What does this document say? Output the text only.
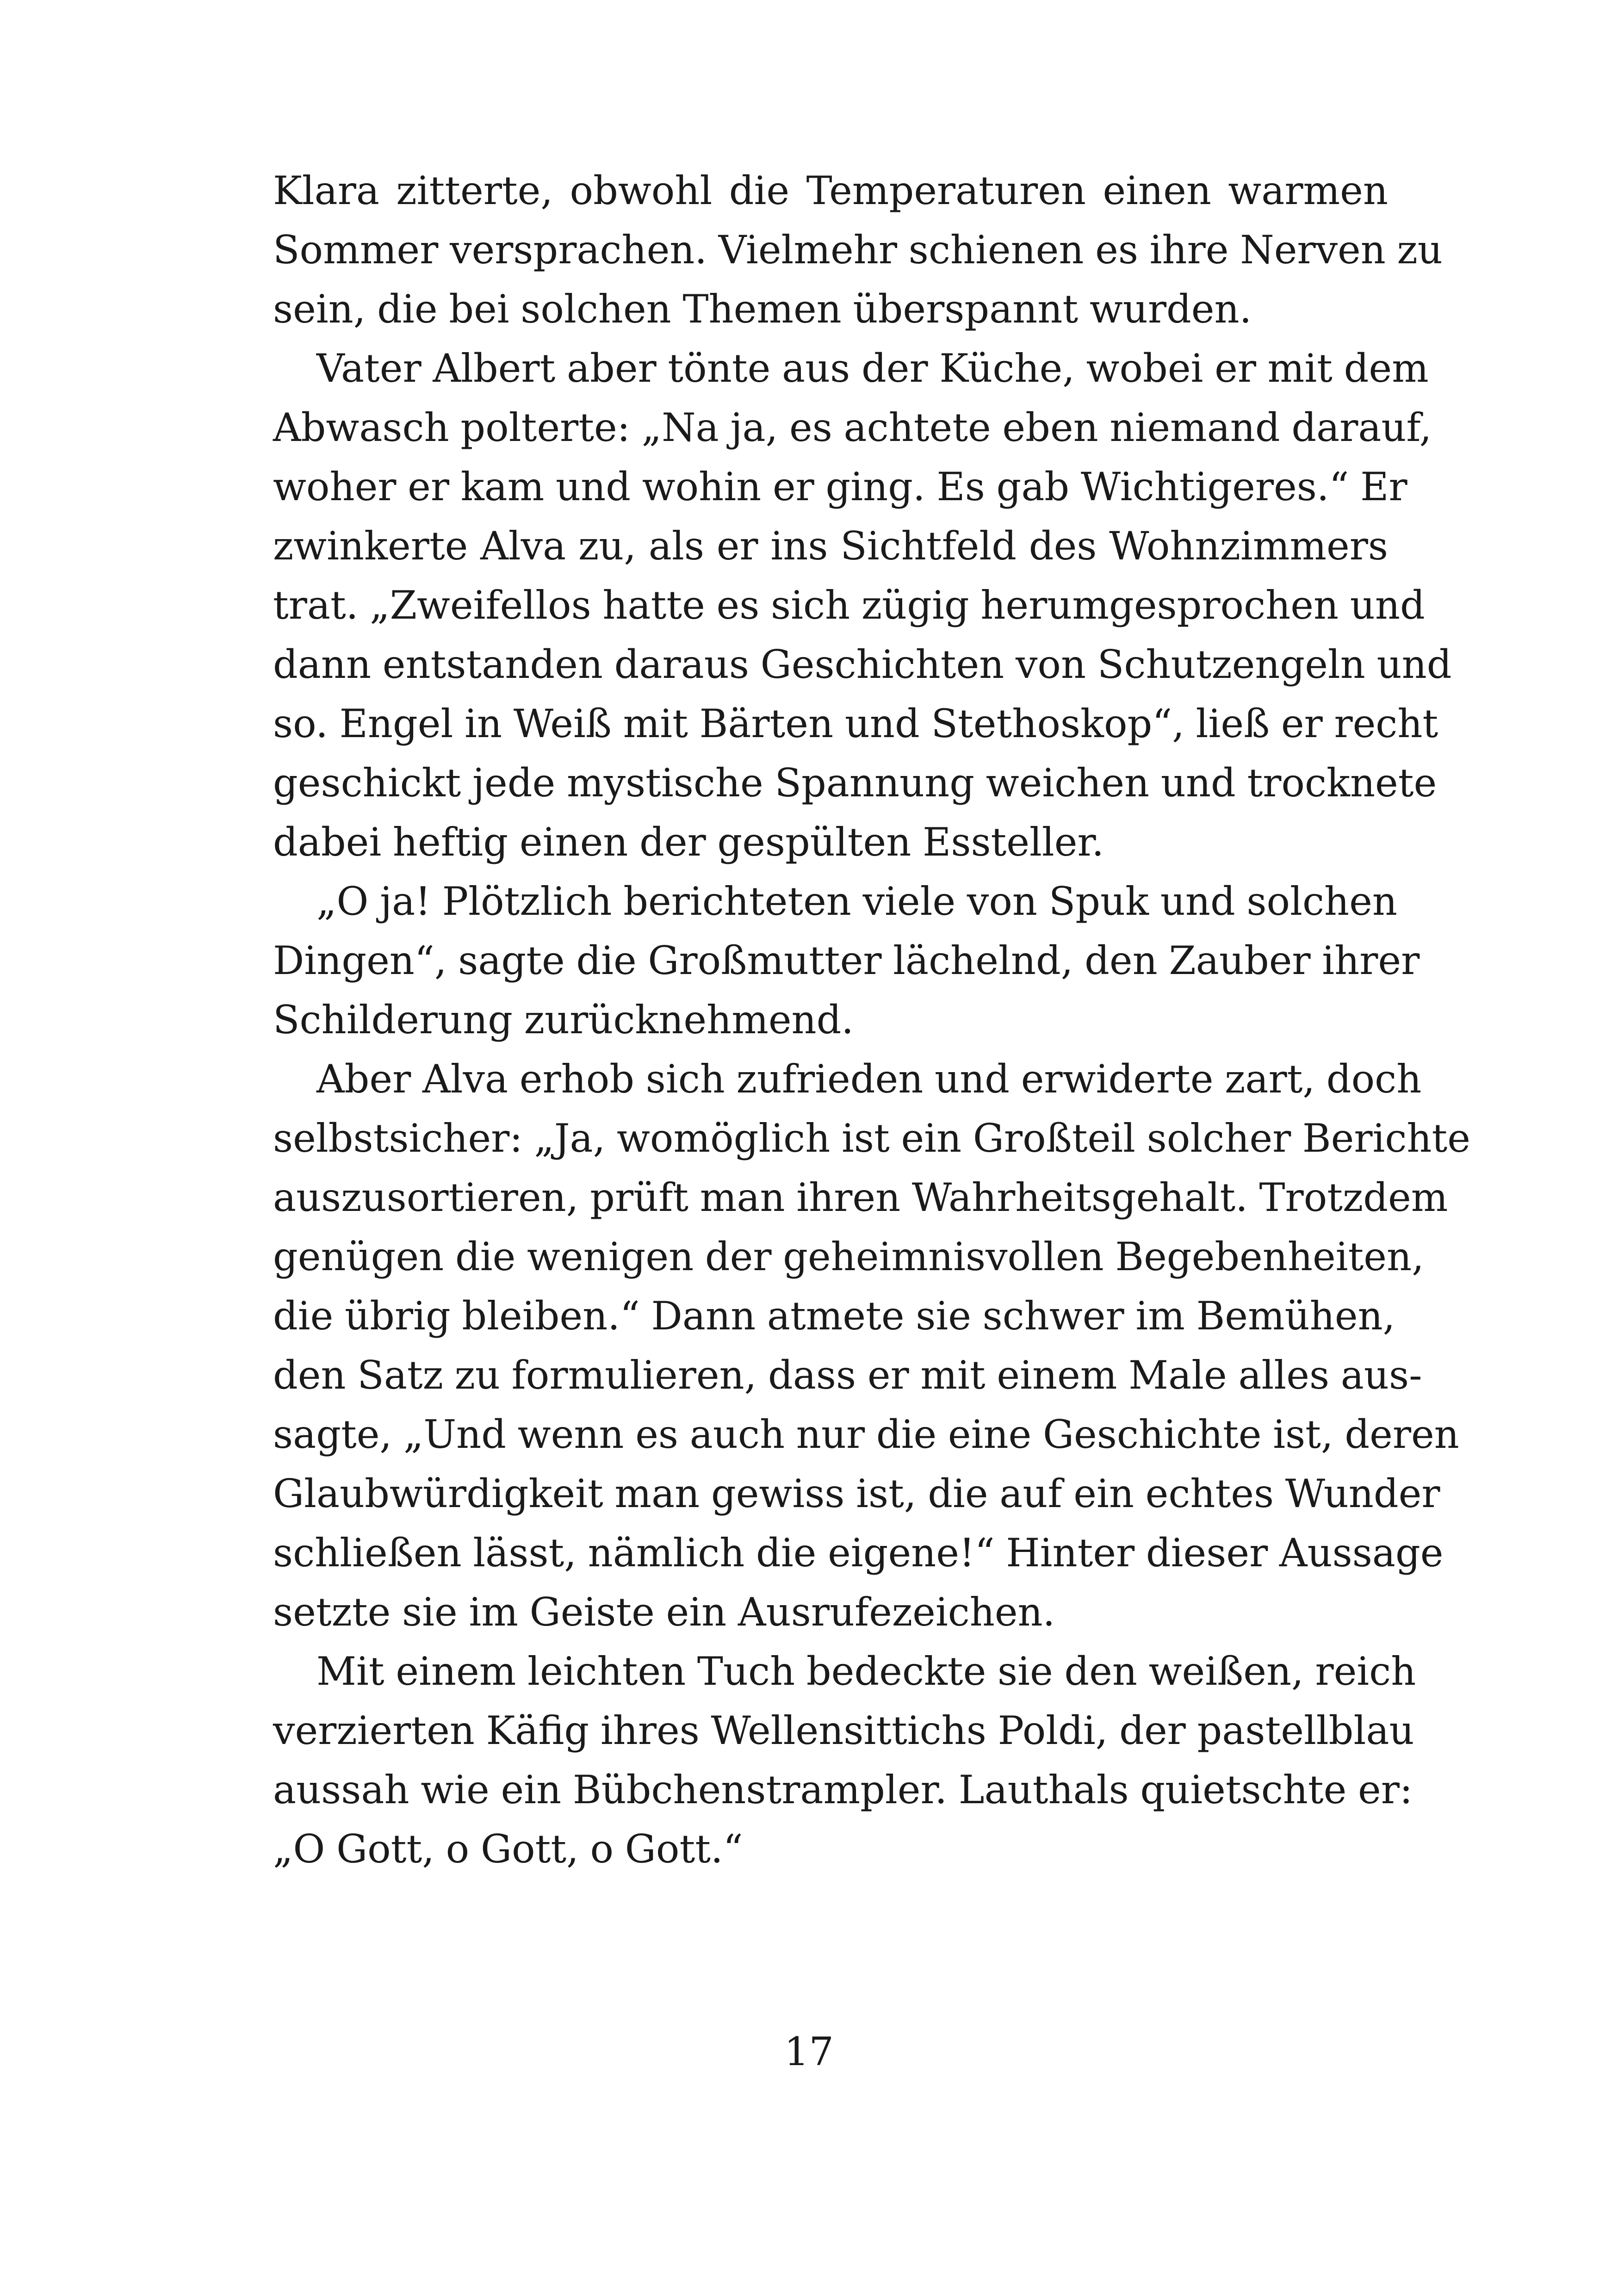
Klara zitterte, obwohl die Temperaturen einen warmen
Sommer versprachen. Vielmehr schienen es ihre Nerven zu
sein, die bei solchen Themen überspannt wurden.
Vater Albert aber tönte aus der Küche, wobei er mit dem
Abwasch polterte: „Na ja, es achtete eben niemand darauf,
woher er kam und wohin er ging. Es gab Wichtigeres.“ Er
zwinkerte Alva zu, als er ins Sichtfeld des Wohnzimmers
trat. „Zweifellos hatte es sich zügig herumgesprochen und
dann entstanden daraus Geschichten von Schutzengeln und
so. Engel in Weiß mit Bärten und Stethoskop“, ließ er recht
geschickt jede mystische Spannung weichen und trocknete
dabei heftig einen der gespülten Essteller.
„O ja! Plötzlich berichteten viele von Spuk und solchen
Dingen“, sagte die Großmutter lächelnd, den Zauber ihrer
Schilderung zurücknehmend.
Aber Alva erhob sich zufrieden und erwiderte zart, doch
selbstsicher: „Ja, womöglich ist ein Großteil solcher Berichte
auszusortieren, prüft man ihren Wahrheitsgehalt. Trotzdem
genügen die wenigen der geheimnisvollen Begebenheiten,
die übrig bleiben.“ Dann atmete sie schwer im Bemühen,
den Satz zu formulieren, dass er mit einem Male alles aus-
sagte, „Und wenn es auch nur die eine Geschichte ist, deren
Glaubwürdigkeit man gewiss ist, die auf ein echtes Wunder
schließen lässt, nämlich die eigene!“ Hinter dieser Aussage
setzte sie im Geiste ein Ausrufezeichen.
Mit einem leichten Tuch bedeckte sie den weißen, reich
verzierten Käfig ihres Wellensittichs Poldi, der pastellblau
aussah wie ein Bübchenstrampler. Lauthals quietschte er:
„O Gott, o Gott, o Gott.“
17
